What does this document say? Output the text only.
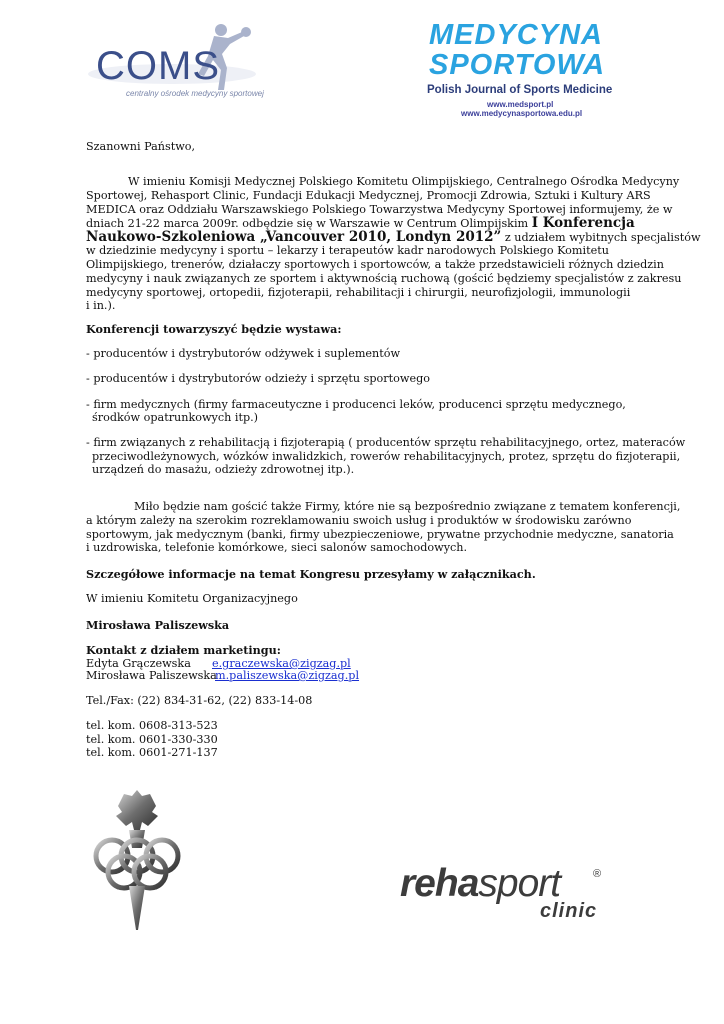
COMS
centralny ośrodek medycyny sportowej
MEDYCYNA
SPORTOWA
Polish Journal of Sports Medicine
www.medsport.pl
www.medycynasportowa.edu.pl
Szanowni Państwo,
W imieniu Komisji Medycznej Polskiego Komitetu Olimpijskiego, Centralnego Ośrodka Medycyny
Sportowej, Rehasport Clinic, Fundacji Edukacji Medycznej, Promocji Zdrowia, Sztuki i Kultury ARS
MEDICA oraz Oddziału Warszawskiego Polskiego Towarzystwa Medycyny Sportowej informujemy, że w
dniach 21-22 marca 2009r. odbędzie się w Warszawie w Centrum Olimpijskim I Konferencja
Naukowo-Szkoleniowa „Vancouver 2010, Londyn 2012” z udziałem wybitnych specjalistów
w dziedzinie medycyny i sportu – lekarzy i terapeutów kadr narodowych Polskiego Komitetu
Olimpijskiego, trenerów, działaczy sportowych i sportowców, a także przedstawicieli różnych dziedzin
medycyny i nauk związanych ze sportem i aktywnością ruchową (gościć będziemy specjalistów z zakresu
medycyny sportowej, ortopedii, fizjoterapii, rehabilitacji i chirurgii, neurofizjologii, immunologii
i in.).
Konferencji towarzyszyć będzie wystawa:
- producentów i dystrybutorów odżywek i suplementów
- producentów i dystrybutorów odzieży i sprzętu sportowego
- firm medycznych (firmy farmaceutyczne i producenci leków, producenci sprzętu medycznego,
środków opatrunkowych itp.)
- firm związanych z rehabilitacją i fizjoterapią ( producentów sprzętu rehabilitacyjnego, ortez, materaców
przeciwodleżynowych, wózków inwalidzkich, rowerów rehabilitacyjnych, protez, sprzętu do fizjoterapii,
urządzeń do masażu, odzieży zdrowotnej itp.).
Miło będzie nam gościć także Firmy, które nie są bezpośrednio związane z tematem konferencji,
a którym zależy na szerokim rozreklamowaniu swoich usług i produktów w środowisku zarówno
sportowym, jak medycznym (banki, firmy ubezpieczeniowe, prywatne przychodnie medyczne, sanatoria
i uzdrowiska, telefonie komórkowe, sieci salonów samochodowych.
Szczegółowe informacje na temat Kongresu przesyłamy w załącznikach.
W imieniu Komitetu Organizacyjnego
Mirosława Paliszewska
Kontakt z działem marketingu:
Edyta Grączewska e.graczewska@zigzag.pl
Mirosława Paliszewska
m.paliszewska@zigzag.pl
Tel./Fax: (22) 834-31-62, (22) 833-14-08
tel. kom. 0608-313-523
tel. kom. 0601-330-330
tel. kom. 0601-271-137
rehasport	®
clinic
